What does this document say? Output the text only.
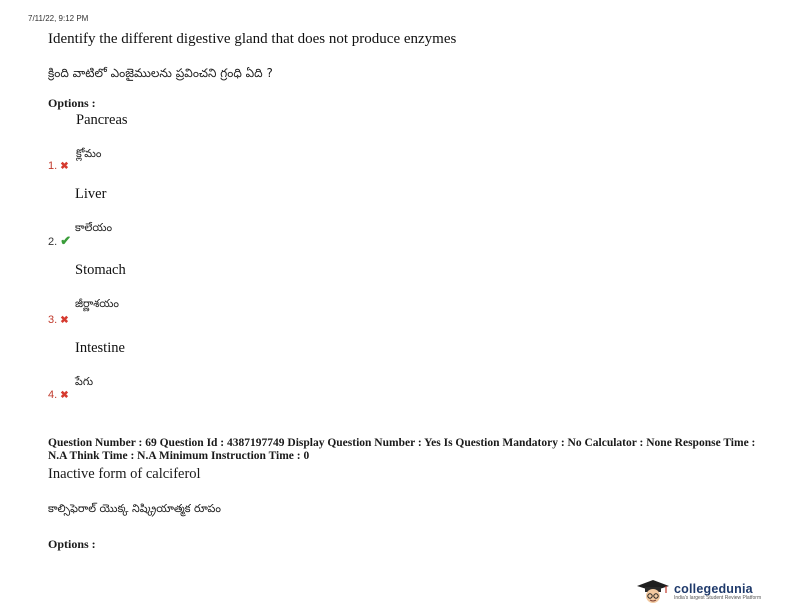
7/11/22, 9:12 PM
Identify the different digestive gland that does not produce enzymes
క్రింది వాటిలో ఎంజైములను ప్రవించని గ్రంధి ఏది ?
Options :
Pancreas
క్లోమం
1. ✖
Liver
కాలేయం
2. ✔
Stomach
జీర్ణాశయం
3. ✖
Intestine
పేగు
4. ✖
Question Number : 69 Question Id : 4387197749 Display Question Number : Yes Is Question Mandatory : No Calculator : None Response Time : N.A Think Time : N.A Minimum Instruction Time : 0
Inactive form of calciferol
కాల్సిఫెరాల్ యొక్క నిష్క్రియాత్మక రూపం
Options :
collegedunia
India's largest Student Review Platform
